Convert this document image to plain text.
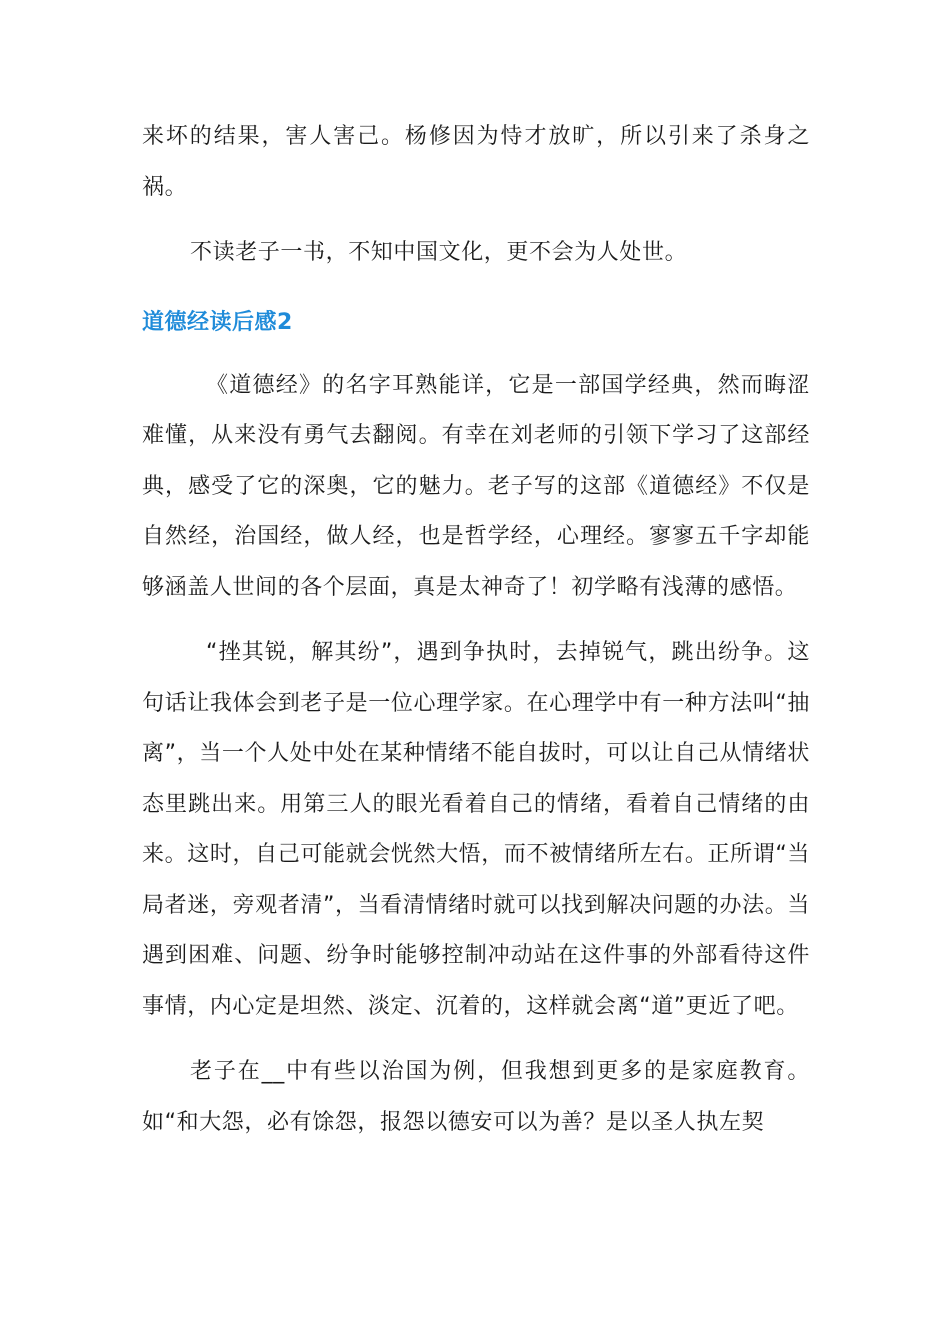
来坏的结果，害人害己。杨修因为恃才放旷，所以引来了杀身之祸。

不读老子一书，不知中国文化，更不会为人处世。

道德经读后感2

《道德经》的名字耳熟能详，它是一部国学经典，然而晦涩难懂，从来没有勇气去翻阅。有幸在刘老师的引领下学习了这部经典，感受了它的深奥，它的魅力。老子写的这部《道德经》不仅是自然经，治国经，做人经，也是哲学经，心理经。寥寥五千字却能够涵盖人世间的各个层面，真是太神奇了！初学略有浅薄的感悟。

“挫其锐，解其纷”，遇到争执时，去掉锐气，跳出纷争。这句话让我体会到老子是一位心理学家。在心理学中有一种方法叫“抽离”，当一个人处中处在某种情绪不能自拔时，可以让自己从情绪状态里跳出来。用第三人的眼光看着自己的情绪，看着自己情绪的由来。这时，自己可能就会恍然大悟，而不被情绪所左右。正所谓“当局者迷，旁观者清”，当看清情绪时就可以找到解决问题的办法。当遇到困难、问题、纷争时能够控制冲动站在这件事的外部看待这件事情，内心定是坦然、淡定、沉着的，这样就会离“道”更近了吧。

老子在__中有些以治国为例，但我想到更多的是家庭教育。如“和大怨，必有馀怨，报怨以德安可以为善？是以圣人执左契
